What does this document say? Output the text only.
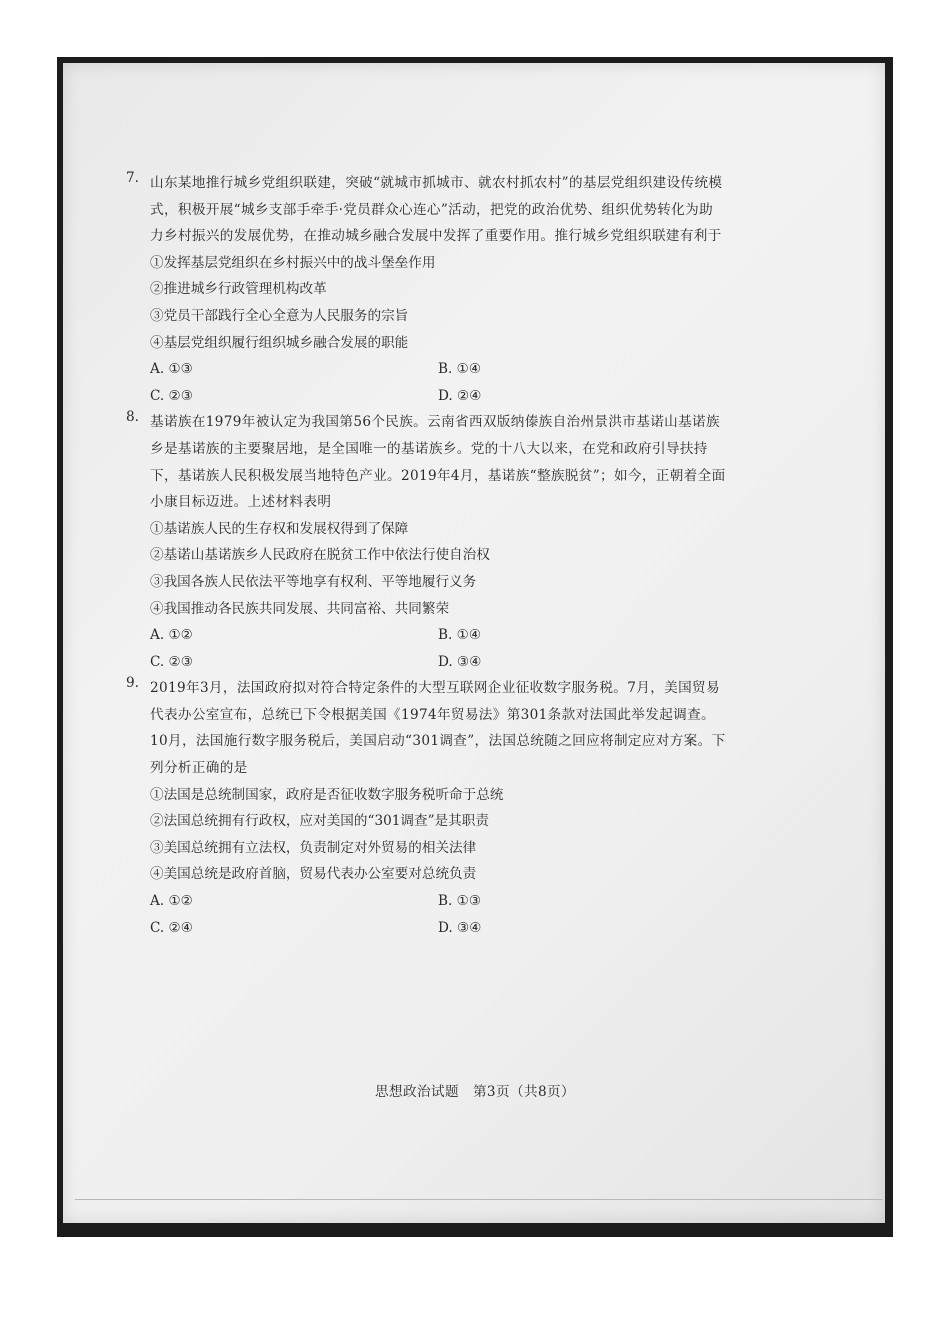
7. 山东某地推行城乡党组织联建，突破“就城市抓城市、就农村抓农村”的基层党组织建设传统模式，积极开展“城乡支部手牵手·党员群众心连心”活动，把党的政治优势、组织优势转化为助力乡村振兴的发展优势，在推动城乡融合发展中发挥了重要作用。推行城乡党组织联建有利于
①发挥基层党组织在乡村振兴中的战斗堡垒作用
②推进城乡行政管理机构改革
③党员干部践行全心全意为人民服务的宗旨
④基层党组织履行组织城乡融合发展的职能
A. ①③	B. ①④
C. ②③	D. ②④
8. 基诺族在1979年被认定为我国第56个民族。云南省西双版纳傣族自治州景洪市基诺山基诺族乡是基诺族的主要聚居地，是全国唯一的基诺族乡。党的十八大以来，在党和政府引导扶持下，基诺族人民积极发展当地特色产业。2019年4月，基诺族“整族脱贫”；如今，正朝着全面小康目标迈进。上述材料表明
①基诺族人民的生存权和发展权得到了保障
②基诺山基诺族乡人民政府在脱贫工作中依法行使自治权
③我国各族人民依法平等地享有权利、平等地履行义务
④我国推动各民族共同发展、共同富裕、共同繁荣
A. ①②	B. ①④
C. ②③	D. ③④
9. 2019年3月，法国政府拟对符合特定条件的大型互联网企业征收数字服务税。7月，美国贸易代表办公室宣布，总统已下令根据美国《1974年贸易法》第301条款对法国此举发起调查。10月，法国施行数字服务税后，美国启动“301调查”，法国总统随之回应将制定应对方案。下列分析正确的是
①法国是总统制国家，政府是否征收数字服务税听命于总统
②法国总统拥有行政权，应对美国的“301调查”是其职责
③美国总统拥有立法权，负责制定对外贸易的相关法律
④美国总统是政府首脑，贸易代表办公室要对总统负责
A. ①②	B. ①③
C. ②④	D. ③④
思想政治试题　第3页（共8页）
